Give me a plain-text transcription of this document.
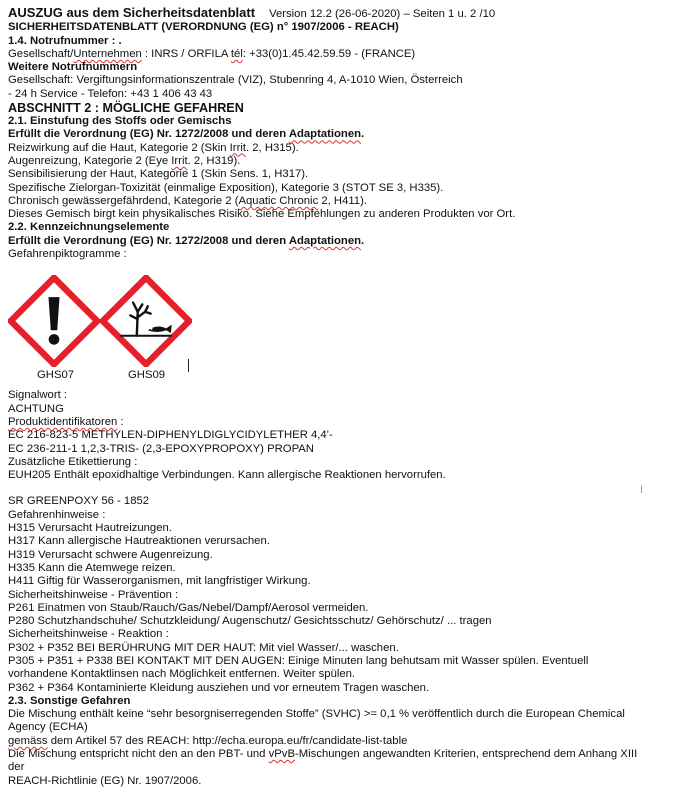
AUSZUG aus dem Sicherheitsdatenblatt Version 12.2 (26-06-2020) – Seiten 1 u. 2 /10
SICHERHEITSDATENBLATT (VERORDNUNG (EG) n° 1907/2006 - REACH)
1.4. Notrufnummer : .
Gesellschaft/Unternehmen : INRS / ORFILA tél: +33(0)1.45.42.59.59 - (FRANCE)
Weitere Notrufnummern
Gesellschaft: Vergiftungsinformationszentrale (VIZ), Stubenring 4, A-1010 Wien, Österreich
- 24 h Service - Telefon: +43 1 406 43 43
ABSCHNITT 2 : MÖGLICHE GEFAHREN
2.1. Einstufung des Stoffs oder Gemischs
Erfüllt die Verordnung (EG) Nr. 1272/2008 und deren Adaptationen.
Reizwirkung auf die Haut, Kategorie 2 (Skin Irrit. 2, H315).
Augenreizung, Kategorie 2 (Eye Irrit. 2, H319).
Sensibilisierung der Haut, Kategorie 1 (Skin Sens. 1, H317).
Spezifische Zielorgan-Toxizität (einmalige Exposition), Kategorie 3 (STOT SE 3, H335).
Chronisch gewässergefährdend, Kategorie 2 (Aquatic Chronic 2, H411).
Dieses Gemisch birgt kein physikalisches Risiko. Siehe Empfehlungen zu anderen Produkten vor Ort.
2.2. Kennzeichnungselemente
Erfüllt die Verordnung (EG) Nr. 1272/2008 und deren Adaptationen.
Gefahrenpiktogramme :
GHS07	GHS09
Signalwort :
ACHTUNG
Produktidentifikatoren :
EC 216-823-5 METHYLEN-DIPHENYLDIGLYCIDYLETHER 4,4'-
EC 236-211-1 1,2,3-TRIS- (2,3-EPOXYPROPOXY) PROPAN
Zusätzliche Etikettierung :
EUH205 Enthält epoxidhaltige Verbindungen. Kann allergische Reaktionen hervorrufen.
SR GREENPOXY 56 - 1852
Gefahrenhinweise :
H315 Verursacht Hautreizungen.
H317 Kann allergische Hautreaktionen verursachen.
H319 Verursacht schwere Augenreizung.
H335 Kann die Atemwege reizen.
H411 Giftig für Wasserorganismen, mit langfristiger Wirkung.
Sicherheitshinweise - Prävention :
P261 Einatmen von Staub/Rauch/Gas/Nebel/Dampf/Aerosol vermeiden.
P280 Schutzhandschuhe/ Schutzkleidung/ Augenschutz/ Gesichtsschutz/ Gehörschutz/ ... tragen
Sicherheitshinweise - Reaktion :
P302 + P352 BEI BERÜHRUNG MIT DER HAUT: Mit viel Wasser/... waschen.
P305 + P351 + P338 BEI KONTAKT MIT DEN AUGEN: Einige Minuten lang behutsam mit Wasser spülen. Eventuell
vorhandene Kontaktlinsen nach Möglichkeit entfernen. Weiter spülen.
P362 + P364 Kontaminierte Kleidung ausziehen und vor erneutem Tragen waschen.
2.3. Sonstige Gefahren
Die Mischung enthält keine “sehr besorgniserregenden Stoffe” (SVHC) >= 0,1 % veröffentlich durch die European Chemical
Agency (ECHA)
gemäss dem Artikel 57 des REACH: http://echa.europa.eu/fr/candidate-list-table
Die Mischung entspricht nicht den an den PBT- und vPvB-Mischungen angewandten Kriterien, entsprechend dem Anhang XIII
der
REACH-Richtlinie (EG) Nr. 1907/2006.
I
